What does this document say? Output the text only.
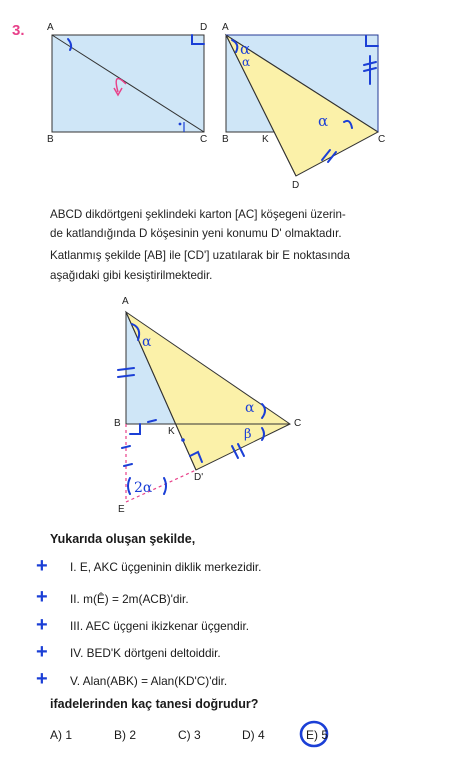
3.
α
α
α
α
α
β
2α
A	D
B	C
A
B	C
K
D
ABCD dikdörtgeni şeklindeki karton [AC] köşegeni üzerin-
de katlandığında D köşesinin yeni konumu D' olmaktadır.
Katlanmış şekilde [AB] ile [CD'] uzatılarak bir E noktasında
aşağıdaki gibi kesiştirilmektedir.
A
B	C
K
D'
E
Yukarıda oluşan şekilde,
+ I. E, AKC üçgeninin diklik merkezidir.
+ II. m(Ê) = 2m(ACB)'dir.
+ III. AEC üçgeni ikizkenar üçgendir.
+ IV. BED'K dörtgeni deltoiddir.
+ V. Alan(ABK) = Alan(KD'C)'dir.
ifadelerinden kaç tanesi doğrudur?
A) 1	B) 2	C) 3	D) 4	E) 5
